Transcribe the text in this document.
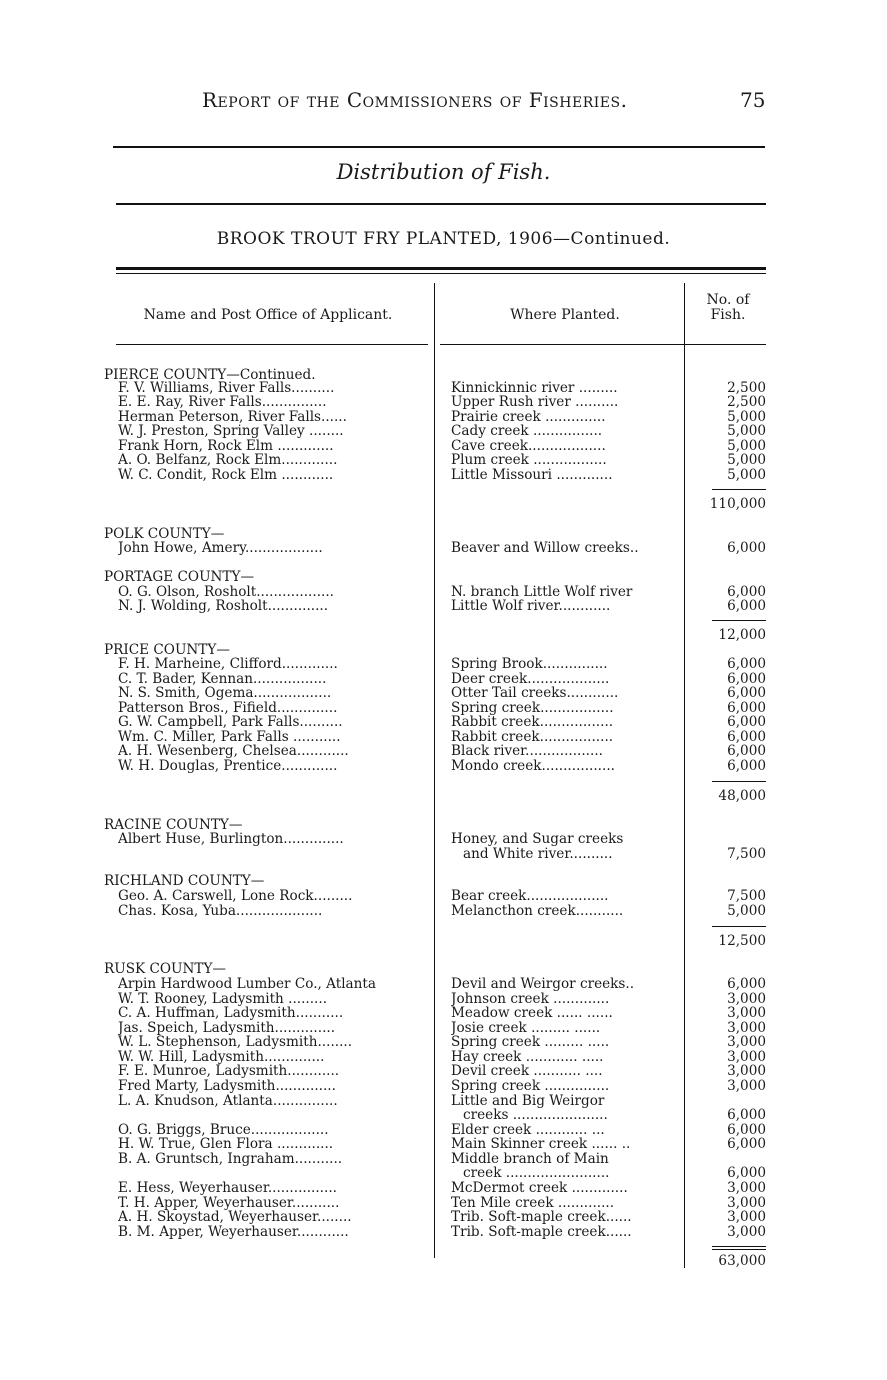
Report of the Commissioners of Fisheries.	75
Distribution of Fish.
BROOK TROUT FRY PLANTED, 1906—Continued.
Name and Post Office of Applicant.	Where Planted.
No. of
Fish.
PIERCE COUNTY—Continued.
F. V. Williams, River Falls..........	Kinnickinnic river .........	2,500
E. E. Ray, River Falls...............	Upper Rush river ..........	2,500
Herman Peterson, River Falls......	Prairie creek ..............	5,000
W. J. Preston, Spring Valley ........	Cady creek ................	5,000
Frank Horn, Rock Elm .............	Cave creek..................	5,000
A. O. Belfanz, Rock Elm.............	Plum creek .................	5,000
W. C. Condit, Rock Elm ............	Little Missouri .............	5,000
110,000
POLK COUNTY—
John Howe, Amery..................	Beaver and Willow creeks..	6,000
PORTAGE COUNTY—
O. G. Olson, Rosholt..................	N. branch Little Wolf river	6,000
N. J. Wolding, Rosholt..............	Little Wolf river............	6,000
12,000
PRICE COUNTY—
F. H. Marheine, Clifford.............	Spring Brook...............	6,000
C. T. Bader, Kennan.................	Deer creek...................	6,000
N. S. Smith, Ogema..................	Otter Tail creeks............	6,000
Patterson Bros., Fifield..............	Spring creek.................	6,000
G. W. Campbell, Park Falls..........	Rabbit creek.................	6,000
Wm. C. Miller, Park Falls ...........	Rabbit creek.................	6,000
A. H. Wesenberg, Chelsea............	Black river..................	6,000
W. H. Douglas, Prentice.............	Mondo creek.................	6,000
48,000
RACINE COUNTY—
Albert Huse, Burlington..............	Honey, and Sugar creeks
and White river..........	7,500
RICHLAND COUNTY—
Geo. A. Carswell, Lone Rock.........	Bear creek...................	7,500
Chas. Kosa, Yuba....................	Melancthon creek...........	5,000
12,500
RUSK COUNTY—
Arpin Hardwood Lumber Co., Atlanta	Devil and Weirgor creeks..	6,000
W. T. Rooney, Ladysmith .........	Johnson creek .............	3,000
C. A. Huffman, Ladysmith...........	Meadow creek ...... ......	3,000
Jas. Speich, Ladysmith..............	Josie creek ......... ......	3,000
W. L. Stephenson, Ladysmith........	Spring creek ......... .....	3,000
W. W. Hill, Ladysmith..............	Hay creek ............ .....	3,000
F. E. Munroe, Ladysmith............	Devil creek ........... ....	3,000
Fred Marty, Ladysmith..............	Spring creek ...............	3,000
L. A. Knudson, Atlanta...............	Little and Big Weirgor
creeks ......................	6,000
O. G. Briggs, Bruce..................	Elder creek ............ ...	6,000
H. W. True, Glen Flora .............	Main Skinner creek ...... ..	6,000
B. A. Gruntsch, Ingraham...........	Middle branch of Main
creek ........................	6,000
E. Hess, Weyerhauser................	McDermot creek .............	3,000
T. H. Apper, Weyerhauser...........	Ten Mile creek .............	3,000
A. H. Skoystad, Weyerhauser........	Trib. Soft-maple creek......	3,000
B. M. Apper, Weyerhauser............	Trib. Soft-maple creek......	3,000
63,000
